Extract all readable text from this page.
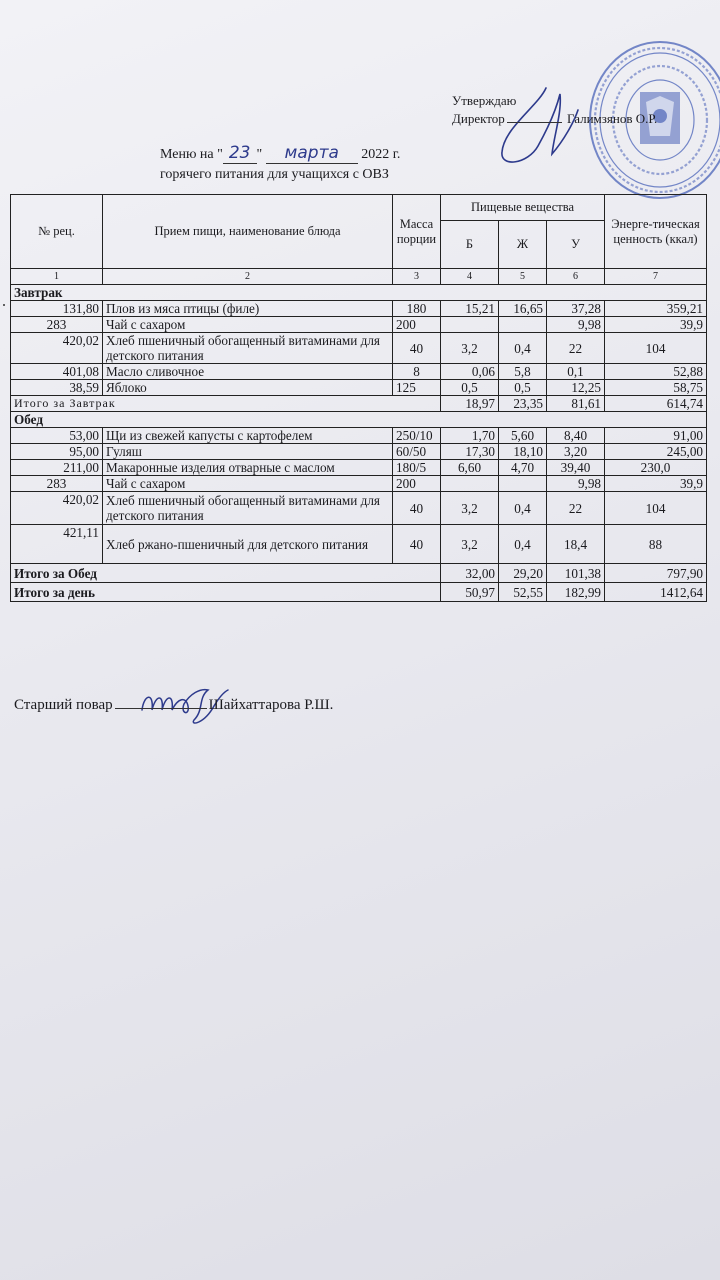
Утверждаю
Директор	Галимзянов О.Р.
Меню на " 23 " марта 2022 г.
горячего питания для учащихся с ОВЗ
№ рец.	Прием пищи, наименование блюда	Масса порции	Пищевые вещества			Энерге-тическая ценность (ккал)
			Б	Ж	У	
1	2	3	4	5	6	7
Завтрак						
131,80	Плов из мяса птицы (филе)	180	15,21	16,65	37,28	359,21
283	Чай с сахаром	200			9,98	39,9
420,02	Хлеб пшеничный обогащенный витаминами для детского питания	40	3,2	0,4	22	104
401,08	Масло сливочное	8	0,06	5,8	0,1	52,88
38,59	Яблоко	125	0,5	0,5	12,25	58,75
Итого за Завтрак			18,97	23,35	81,61	614,74
Обед						
53,00	Щи из свежей капусты с картофелем	250/10	1,70	5,60	8,40	91,00
95,00	Гуляш	60/50	17,30	18,10	3,20	245,00
211,00	Макаронные изделия отварные с маслом	180/5	6,60	4,70	39,40	230,0
283	Чай с сахаром	200			9,98	39,9
420,02	Хлеб пшеничный обогащенный витаминами для детского питания	40	3,2	0,4	22	104
421,11	Хлеб ржано-пшеничный для детского питания	40	3,2	0,4	18,4	88
Итого за Обед			32,00	29,20	101,38	797,90
Итого за день			50,97	52,55	182,99	1412,64
Старший повар	Шайхаттарова Р.Ш.
